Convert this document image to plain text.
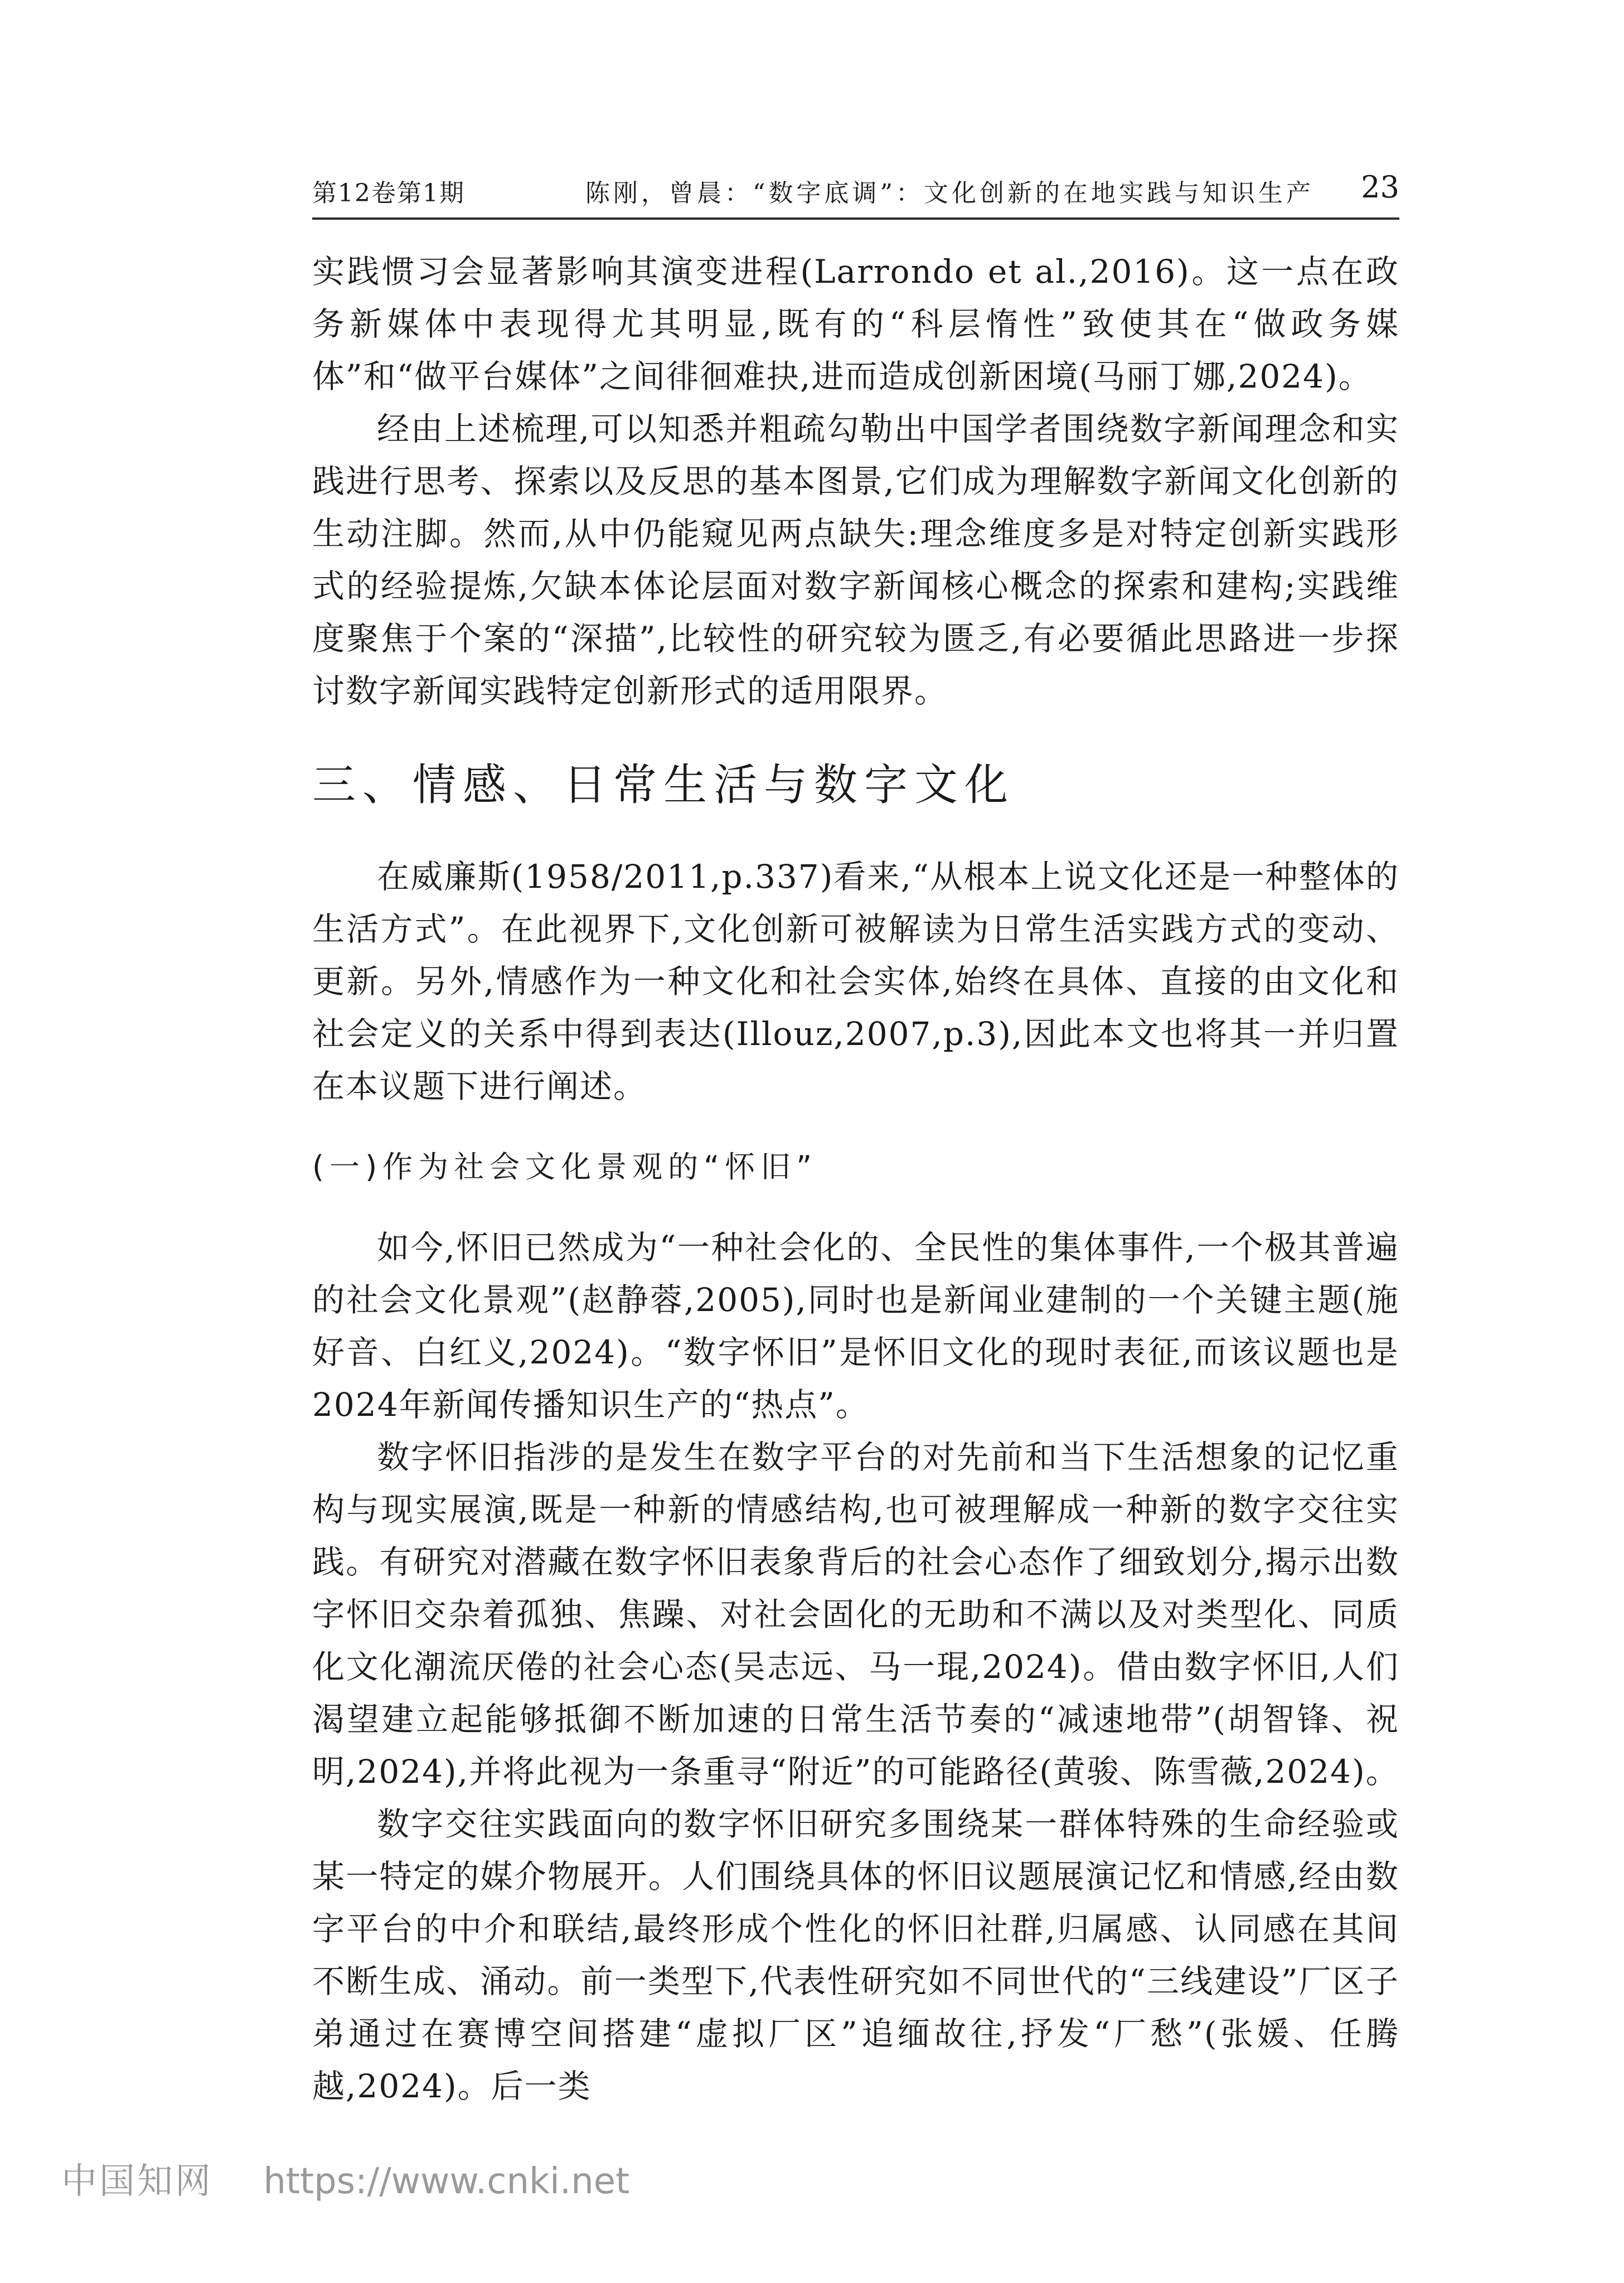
第12卷第1期	陈刚，曾晨：“数字底调”：文化创新的在地实践与知识生产 23

实践惯习会显著影响其演变进程(Larrondo et al.,2016)。这一点在政务新媒体中表现得尤其明显,既有的“科层惰性”致使其在“做政务媒体”和“做平台媒体”之间徘徊难抉,进而造成创新困境(马丽丁娜,2024)。

经由上述梳理,可以知悉并粗疏勾勒出中国学者围绕数字新闻理念和实践进行思考、探索以及反思的基本图景,它们成为理解数字新闻文化创新的生动注脚。然而,从中仍能窥见两点缺失:理念维度多是对特定创新实践形式的经验提炼,欠缺本体论层面对数字新闻核心概念的探索和建构;实践维度聚焦于个案的“深描”,比较性的研究较为匮乏,有必要循此思路进一步探讨数字新闻实践特定创新形式的适用限界。

三、情感、日常生活与数字文化

在威廉斯(1958/2011,p.337)看来,“从根本上说文化还是一种整体的生活方式”。在此视界下,文化创新可被解读为日常生活实践方式的变动、更新。另外,情感作为一种文化和社会实体,始终在具体、直接的由文化和社会定义的关系中得到表达(Illouz,2007,p.3),因此本文也将其一并归置在本议题下进行阐述。

(一)作为社会文化景观的“怀旧”

如今,怀旧已然成为“一种社会化的、全民性的集体事件,一个极其普遍的社会文化景观”(赵静蓉,2005),同时也是新闻业建制的一个关键主题(施好音、白红义,2024)。“数字怀旧”是怀旧文化的现时表征,而该议题也是2024年新闻传播知识生产的“热点”。

数字怀旧指涉的是发生在数字平台的对先前和当下生活想象的记忆重构与现实展演,既是一种新的情感结构,也可被理解成一种新的数字交往实践。有研究对潜藏在数字怀旧表象背后的社会心态作了细致划分,揭示出数字怀旧交杂着孤独、焦躁、对社会固化的无助和不满以及对类型化、同质化文化潮流厌倦的社会心态(吴志远、马一琨,2024)。借由数字怀旧,人们渴望建立起能够抵御不断加速的日常生活节奏的“减速地带”(胡智锋、祝明,2024),并将此视为一条重寻“附近”的可能路径(黄骏、陈雪薇,2024)。

数字交往实践面向的数字怀旧研究多围绕某一群体特殊的生命经验或某一特定的媒介物展开。人们围绕具体的怀旧议题展演记忆和情感,经由数字平台的中介和联结,最终形成个性化的怀旧社群,归属感、认同感在其间不断生成、涌动。前一类型下,代表性研究如不同世代的“三线建设”厂区子弟通过在赛博空间搭建“虚拟厂区”追缅故往,抒发“厂愁”(张媛、任腾越,2024)。后一类

中国知网 https://www.cnki.net
